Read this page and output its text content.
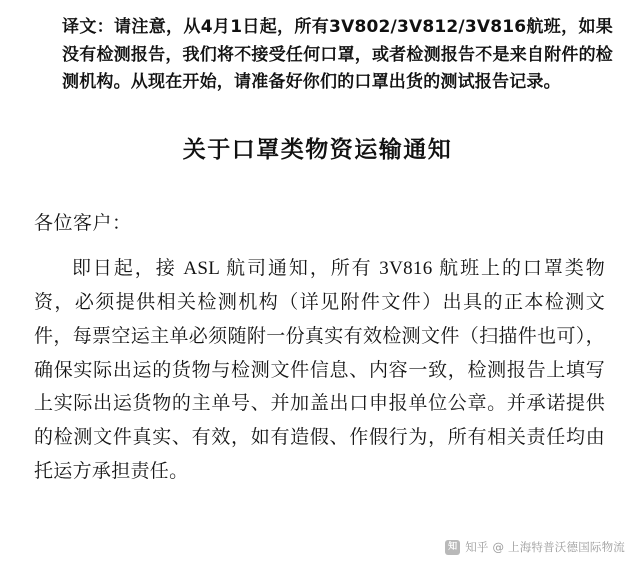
译文：请注意，从4月1日起，所有3V802/3V812/3V816航班，如果没有检测报告，我们将不接受任何口罩，或者检测报告不是来自附件的检测机构。从现在开始，请准备好你们的口罩出货的测试报告记录。
关于口罩类物资运输通知
各位客户：
即日起，接 ASL 航司通知，所有 3V816 航班上的口罩类物资，必须提供相关检测机构（详见附件文件）出具的正本检测文件，每票空运主单必须随附一份真实有效检测文件（扫描件也可），确保实际出运的货物与检测文件信息、内容一致，检测报告上填写上实际出运货物的主单号、并加盖出口申报单位公章。并承诺提供的检测文件真实、有效，如有造假、作假行为，所有相关责任均由托运方承担责任。
知 知乎 @ 上海特普沃德国际物流
